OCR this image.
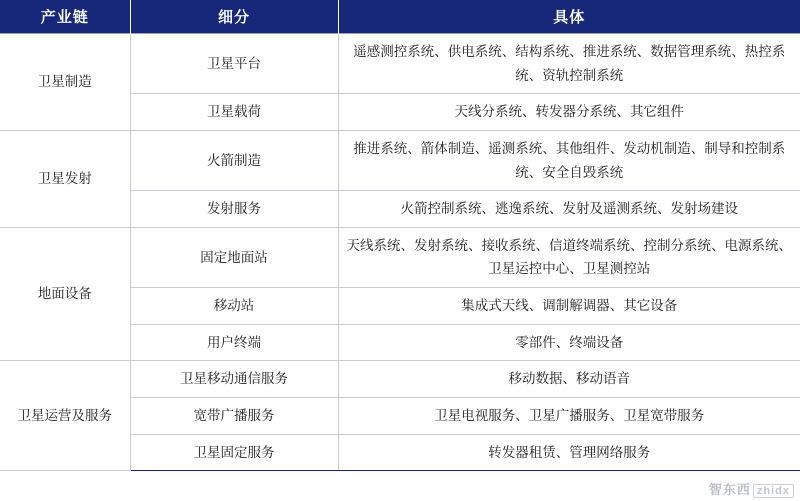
产业链	细分	具体
卫星制造	卫星平台	遥感测控系统、供电系统、结构系统、推进系统、数据管理系统、热控系统、资轨控制系统
	卫星载荷	天线分系统、转发器分系统、其它组件
卫星发射	火箭制造	推进系统、箭体制造、遥测系统、其他组件、发动机制造、制导和控制系统、安全自毁系统
	发射服务	火箭控制系统、逃逸系统、发射及遥测系统、发射场建设
地面设备	固定地面站	天线系统、发射系统、接收系统、信道终端系统、控制分系统、电源系统、卫星运控中心、卫星测控站
	移动站	集成式天线、调制解调器、其它设备
	用户终端	零部件、终端设备
卫星运营及服务	卫星移动通信服务	移动数据、移动语音
	宽带广播服务	卫星电视服务、卫星广播服务、卫星宽带服务
	卫星固定服务	转发器租赁、管理网络服务
智东西 zhidx
